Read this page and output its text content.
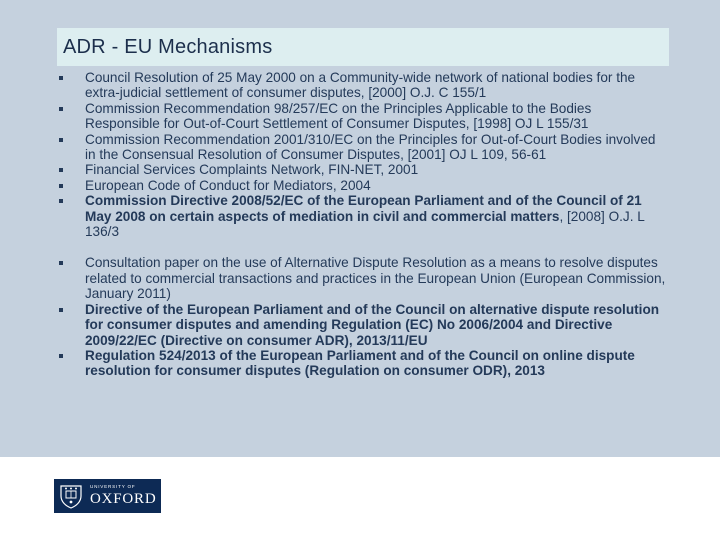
ADR - EU Mechanisms
Council Resolution of 25 May 2000 on a Community-wide network of national bodies for the extra-judicial settlement of consumer disputes, [2000] O.J. C 155/1
Commission Recommendation 98/257/EC on the Principles Applicable to the Bodies Responsible for Out-of-Court Settlement of Consumer Disputes, [1998] OJ L 155/31
Commission Recommendation 2001/310/EC on the Principles for Out-of-Court Bodies involved in the Consensual Resolution of Consumer Disputes, [2001] OJ L 109, 56-61
Financial Services Complaints Network, FIN-NET, 2001
European Code of Conduct for Mediators, 2004
Commission Directive 2008/52/EC of the European Parliament and of the Council of 21 May 2008 on certain aspects of mediation in civil and commercial matters, [2008] O.J. L 136/3
Consultation paper on the use of Alternative Dispute Resolution as a means to resolve disputes related to commercial transactions and practices in the European Union (European Commission, January 2011)
Directive of the European Parliament and of the Council on alternative dispute resolution for consumer disputes and amending Regulation (EC) No 2006/2004 and Directive 2009/22/EC (Directive on consumer ADR), 2013/11/EU
Regulation 524/2013 of the European Parliament and of the Council on online dispute resolution for consumer disputes (Regulation on consumer ODR), 2013
UNIVERSITY OF
OXFORD
